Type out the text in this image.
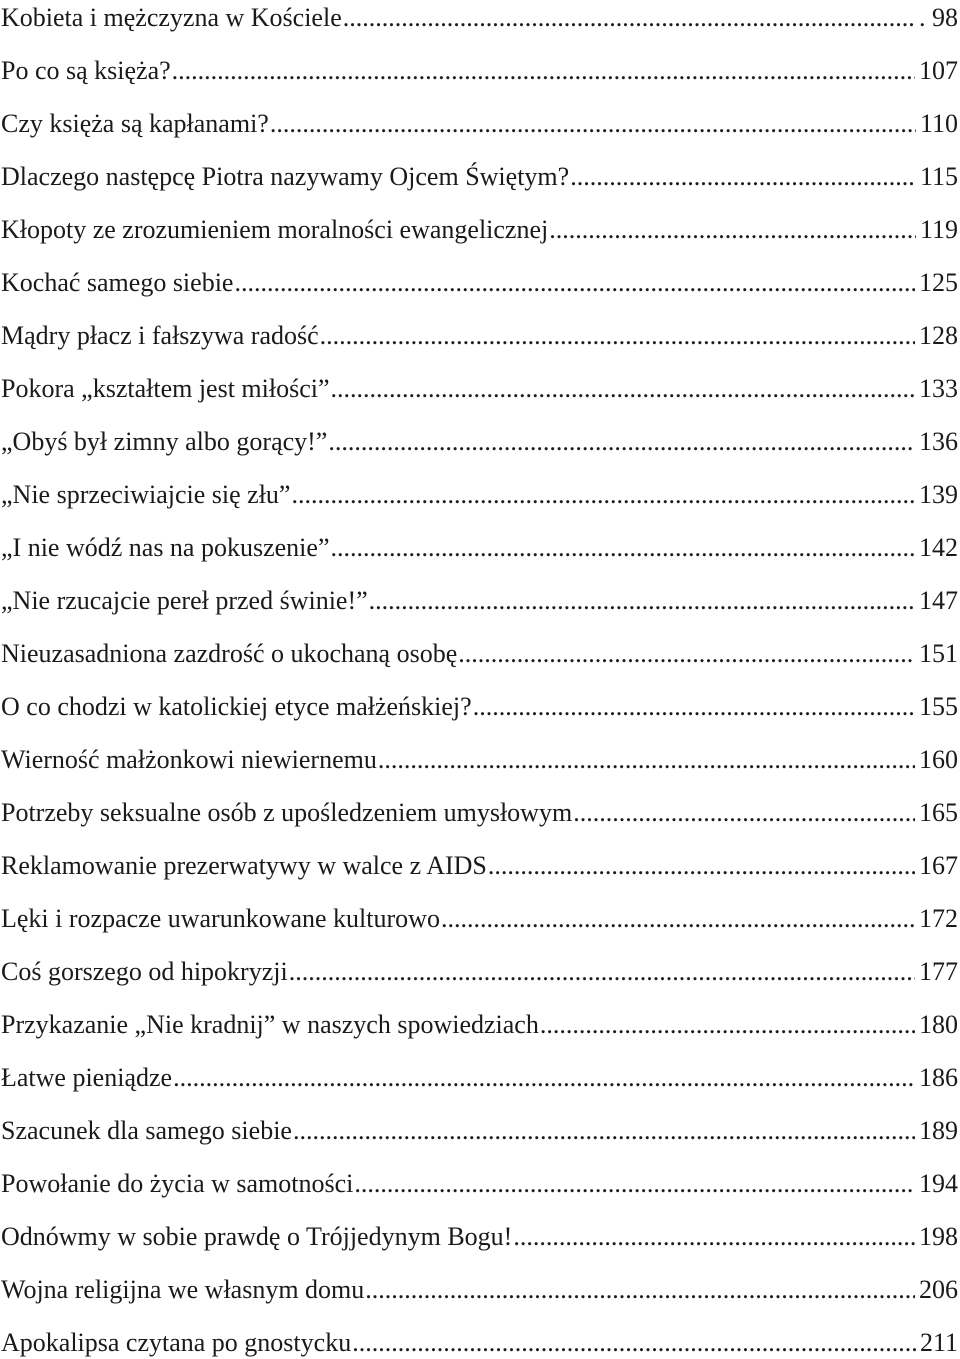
Kobieta i mężczyzna w Kościele .....	. 98
Po co są księża? .....	107
Czy księża są kapłanami? .....	110
Dlaczego następcę Piotra nazywamy Ojcem Świętym? .....	115
Kłopoty ze zrozumieniem moralności ewangelicznej .....	119
Kochać samego siebie .....	125
Mądry płacz i fałszywa radość .....	128
Pokora „kształtem jest miłości” .....	133
„Obyś był zimny albo gorący!” .....	136
„Nie sprzeciwiajcie się złu” .....	139
„I nie wódź nas na pokuszenie” .....	142
„Nie rzucajcie pereł przed świnie!” .....	147
Nieuzasadniona zazdrość o ukochaną osobę .....	151
O co chodzi w katolickiej etyce małżeńskiej? .....	155
Wierność małżonkowi niewiernemu .....	160
Potrzeby seksualne osób z upośledzeniem umysłowym .....	165
Reklamowanie prezerwatywy w walce z AIDS .....	167
Lęki i rozpacze uwarunkowane kulturowo .....	172
Coś gorszego od hipokryzji .....	177
Przykazanie „Nie kradnij” w naszych spowiedziach .....	180
Łatwe pieniądze .....	186
Szacunek dla samego siebie .....	189
Powołanie do życia w samotności .....	194
Odnówmy w sobie prawdę o Trójjedynym Bogu! .....	198
Wojna religijna we własnym domu .....	206
Apokalipsa czytana po gnostycku .....	211
